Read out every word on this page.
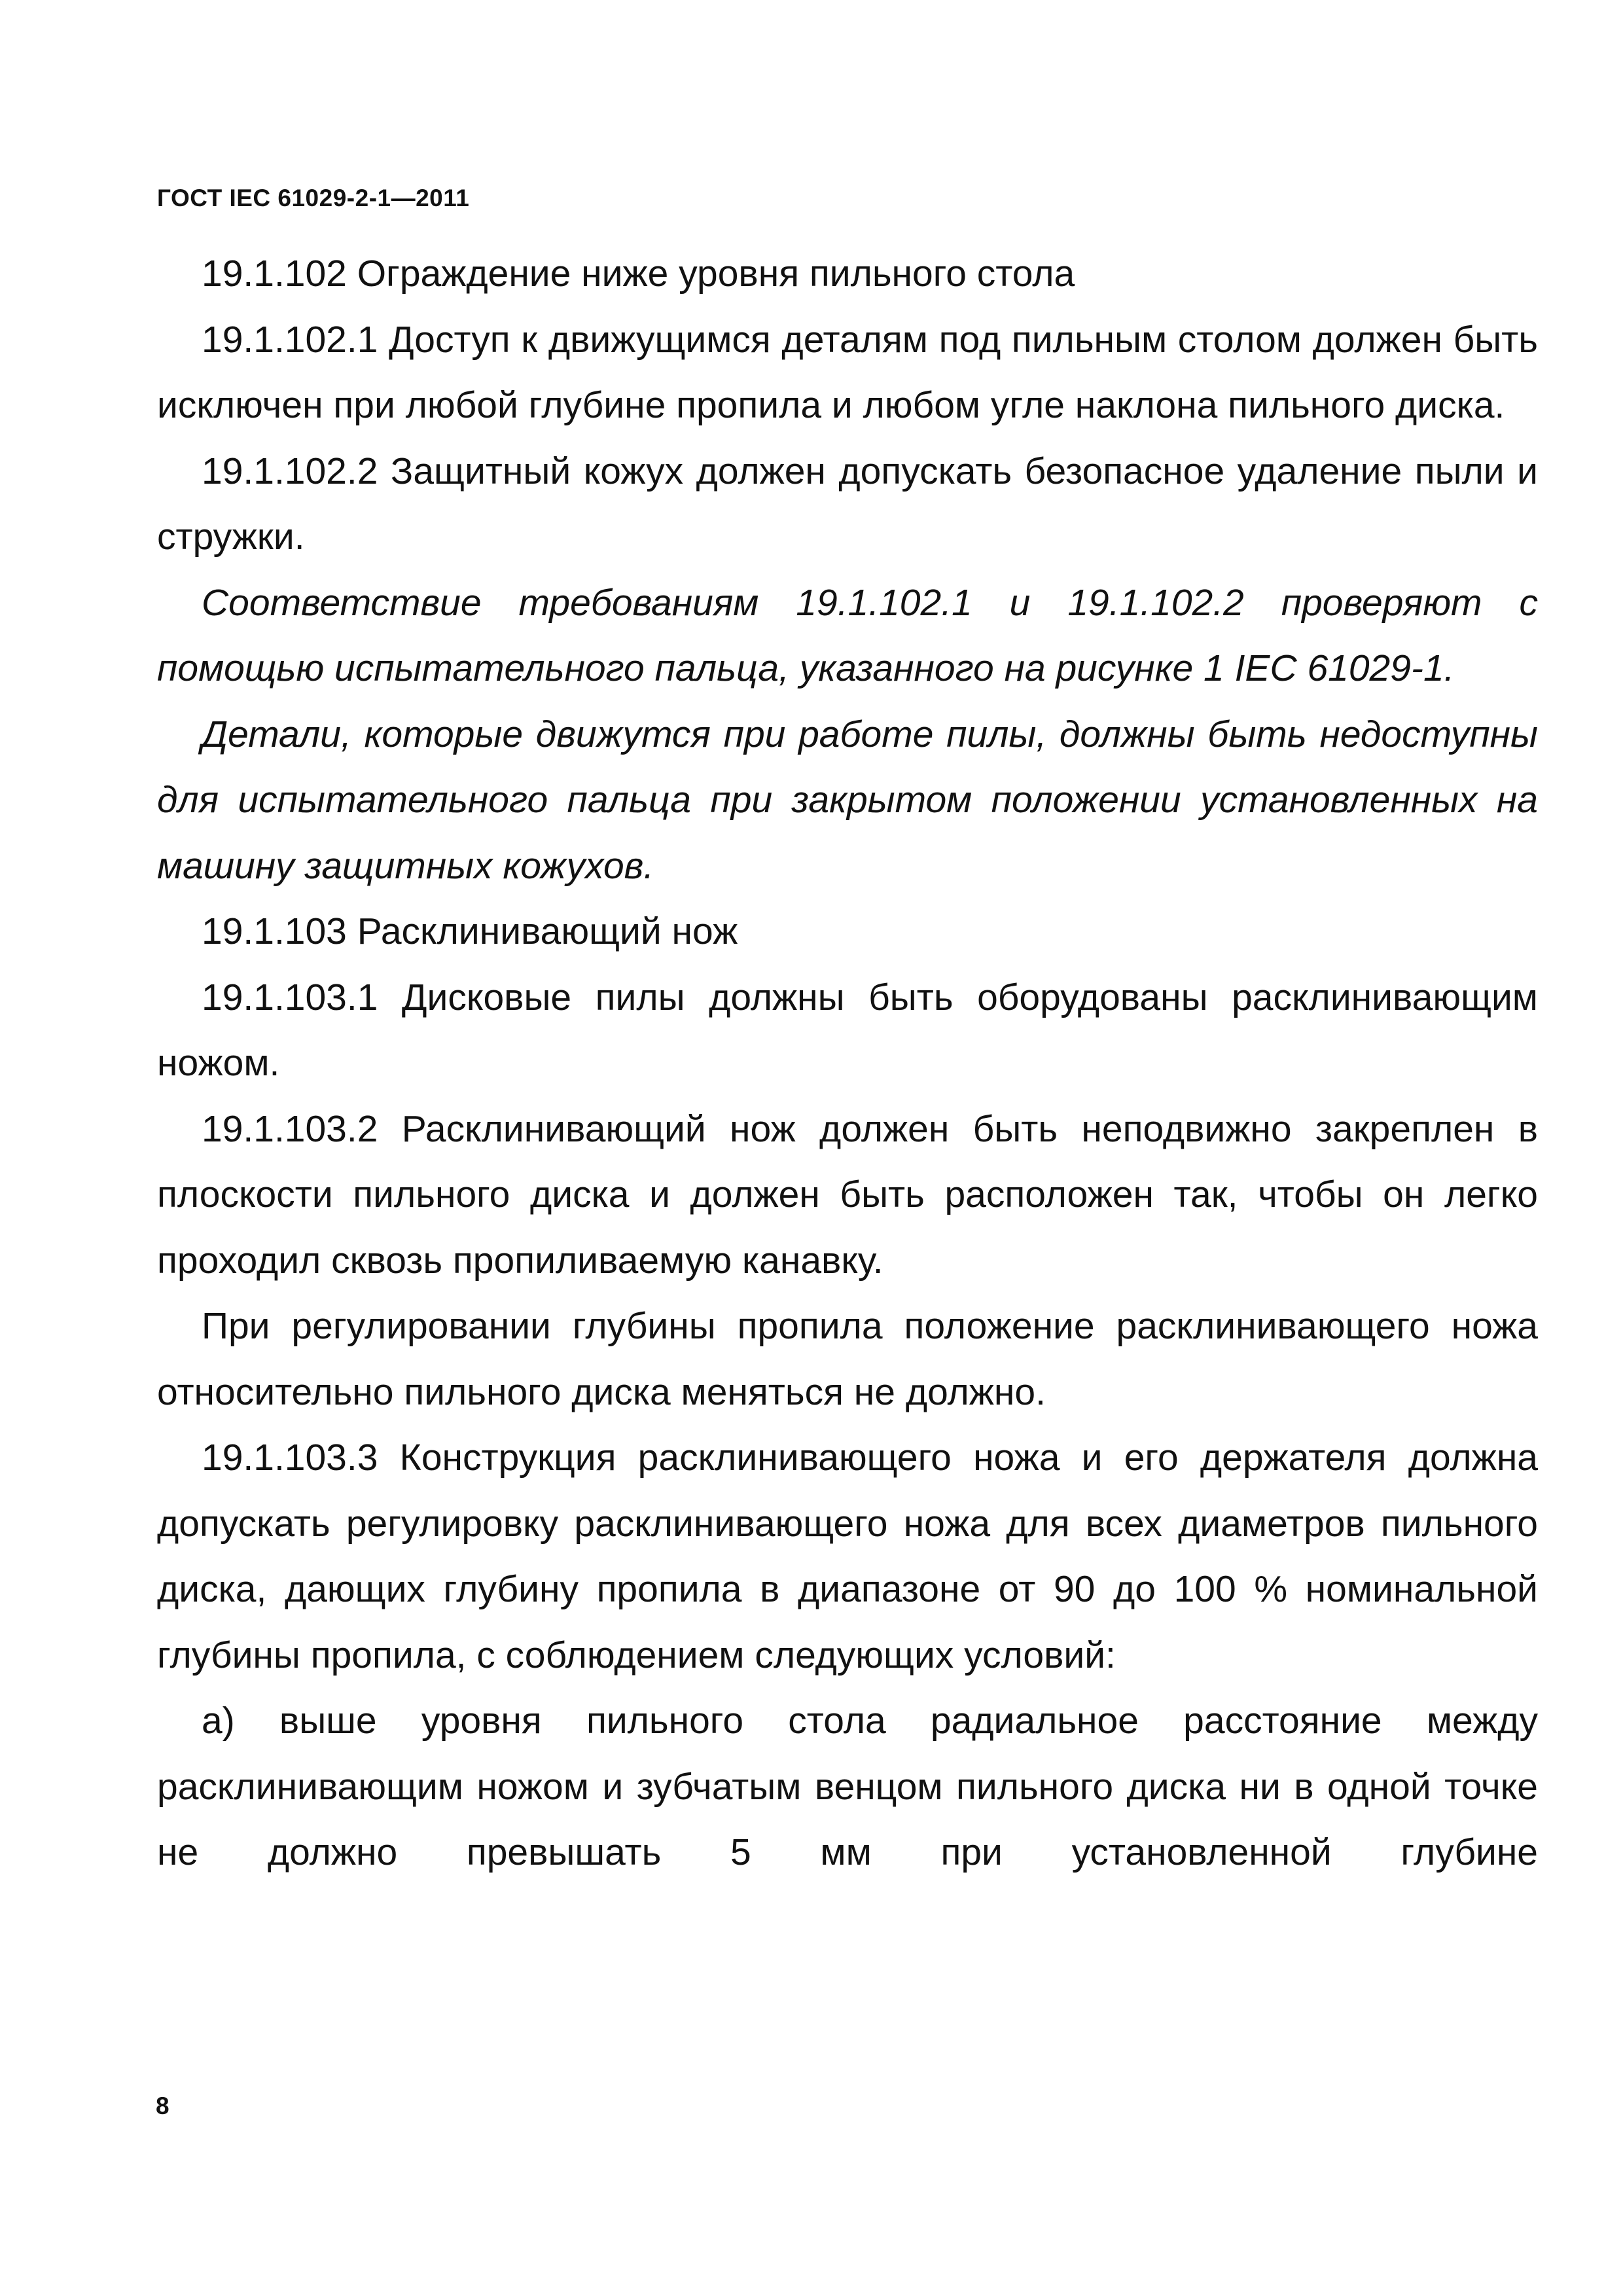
ГОСТ IEC 61029-2-1—2011

19.1.102 Ограждение ниже уровня пильного стола

19.1.102.1 Доступ к движущимся деталям под пильным столом должен быть исключен при любой глубине пропила и любом угле наклона пильного диска.

19.1.102.2 Защитный кожух должен допускать безопасное удаление пыли и стружки.

Соответствие требованиям 19.1.102.1 и 19.1.102.2 проверяют с помощью испытательного пальца, указанного на рисунке 1 IEC 61029-1.

Детали, которые движутся при работе пилы, должны быть недоступны для испытательного пальца при закрытом положении установленных на машину защитных кожухов.

19.1.103 Расклинивающий нож

19.1.103.1 Дисковые пилы должны быть оборудованы расклинивающим ножом.

19.1.103.2 Расклинивающий нож должен быть неподвижно закреплен в плоскости пильного диска и должен быть расположен так, чтобы он легко проходил сквозь пропиливаемую канавку.

При регулировании глубины пропила положение расклинивающего ножа относительно пильного диска меняться не должно.

19.1.103.3 Конструкция расклинивающего ножа и его держателя должна допускать регулировку расклинивающего ножа для всех диаметров пильного диска, дающих глубину пропила в диапазоне от 90 до 100 % номинальной глубины пропила, с соблюдением следующих условий:

а) выше уровня пильного стола радиальное расстояние между расклинивающим ножом и зубчатым венцом пильного диска ни в одной точке не должно превышать 5 мм при установленной глубине

8
